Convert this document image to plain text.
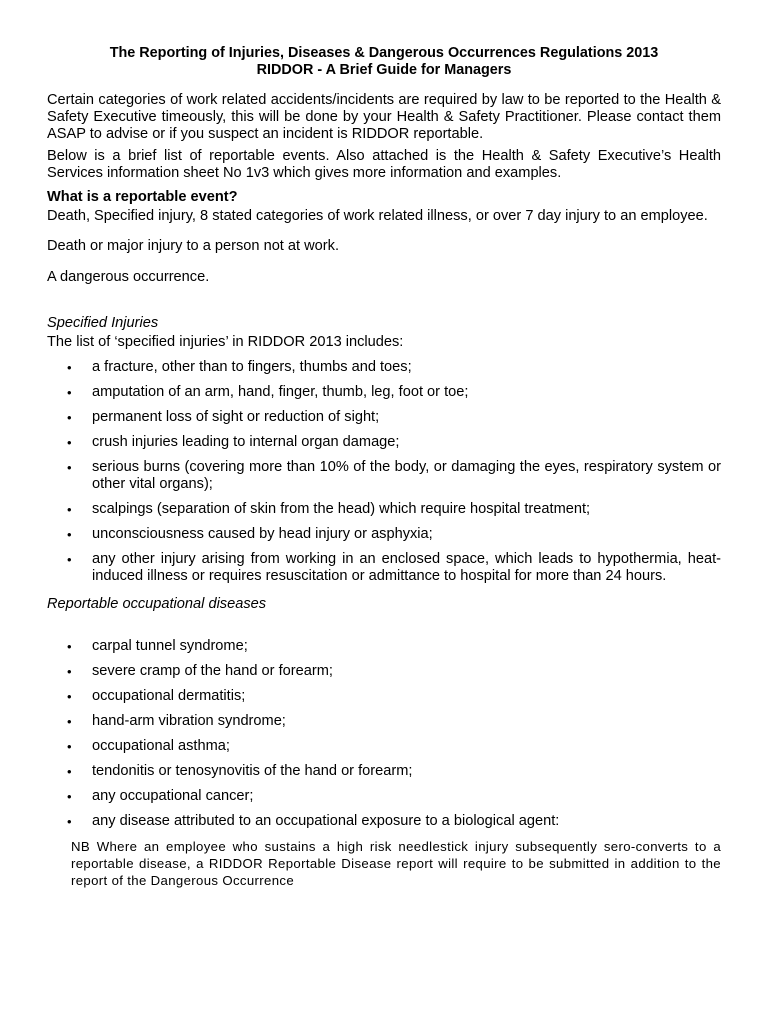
The Reporting of Injuries, Diseases & Dangerous Occurrences Regulations 2013
RIDDOR - A Brief Guide for Managers

Certain categories of work related accidents/incidents are required by law to be reported to the Health & Safety Executive timeously, this will be done by your Health & Safety Practitioner. Please contact them ASAP to advise or if you suspect an incident is RIDDOR reportable.

Below is a brief list of reportable events. Also attached is the Health & Safety Executive’s Health Services information sheet No 1v3 which gives more information and examples.

What is a reportable event?

Death, Specified injury, 8 stated categories of work related illness, or over 7 day injury to an employee.

Death or major injury to a person not at work.

A dangerous occurrence.

Specified Injuries

The list of ‘specified injuries’ in RIDDOR 2013 includes:

• a fracture, other than to fingers, thumbs and toes;
• amputation of an arm, hand, finger, thumb, leg, foot or toe;
• permanent loss of sight or reduction of sight;
• crush injuries leading to internal organ damage;
• serious burns (covering more than 10% of the body, or damaging the eyes, respiratory system or other vital organs);
• scalpings (separation of skin from the head) which require hospital treatment;
• unconsciousness caused by head injury or asphyxia;
• any other injury arising from working in an enclosed space, which leads to hypothermia, heat-induced illness or requires resuscitation or admittance to hospital for more than 24 hours.

Reportable occupational diseases

• carpal tunnel syndrome;
• severe cramp of the hand or forearm;
• occupational dermatitis;
• hand-arm vibration syndrome;
• occupational asthma;
• tendonitis or tenosynovitis of the hand or forearm;
• any occupational cancer;
• any disease attributed to an occupational exposure to a biological agent:

NB Where an employee who sustains a high risk needlestick injury subsequently sero-converts to a reportable disease, a RIDDOR Reportable Disease report will require to be submitted in addition to the report of the Dangerous Occurrence
